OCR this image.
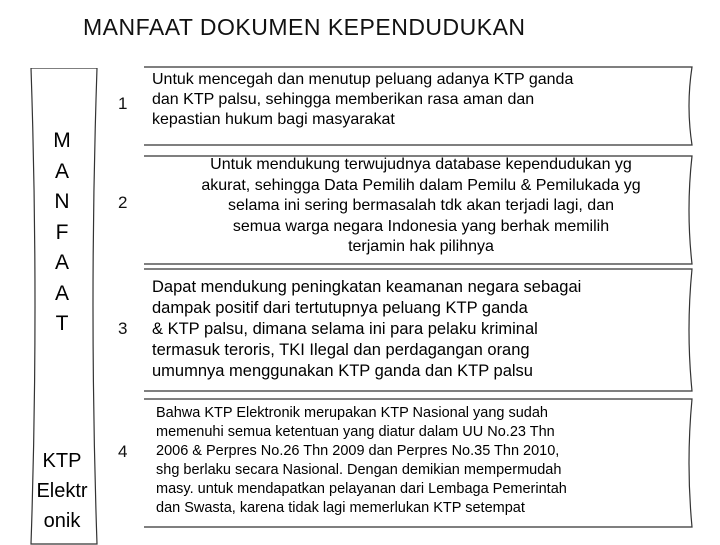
MANFAAT DOKUMEN KEPENDUDUKAN
M
A
N
F
A
A
T
KTP
Elektr
onik
1
Untuk mencegah dan menutup peluang adanya KTP ganda
dan KTP palsu, sehingga memberikan rasa aman dan
kepastian hukum bagi masyarakat
2
Untuk mendukung terwujudnya database kependudukan yg
akurat, sehingga Data Pemilih dalam Pemilu & Pemilukada yg
selama ini sering bermasalah tdk akan terjadi lagi, dan
semua warga negara Indonesia yang berhak memilih
terjamin hak pilihnya
3
Dapat mendukung peningkatan keamanan negara sebagai
dampak positif dari tertutupnya peluang KTP ganda
& KTP palsu, dimana selama ini para pelaku kriminal
termasuk teroris, TKI Ilegal dan perdagangan orang
umumnya menggunakan KTP ganda dan KTP palsu
4
Bahwa KTP Elektronik merupakan KTP Nasional yang sudah
memenuhi semua ketentuan yang diatur dalam UU No.23 Thn
2006 & Perpres No.26 Thn 2009 dan Perpres No.35 Thn 2010,
shg berlaku secara Nasional. Dengan demikian mempermudah
masy. untuk mendapatkan pelayanan dari Lembaga Pemerintah
dan Swasta, karena tidak lagi memerlukan KTP setempat
